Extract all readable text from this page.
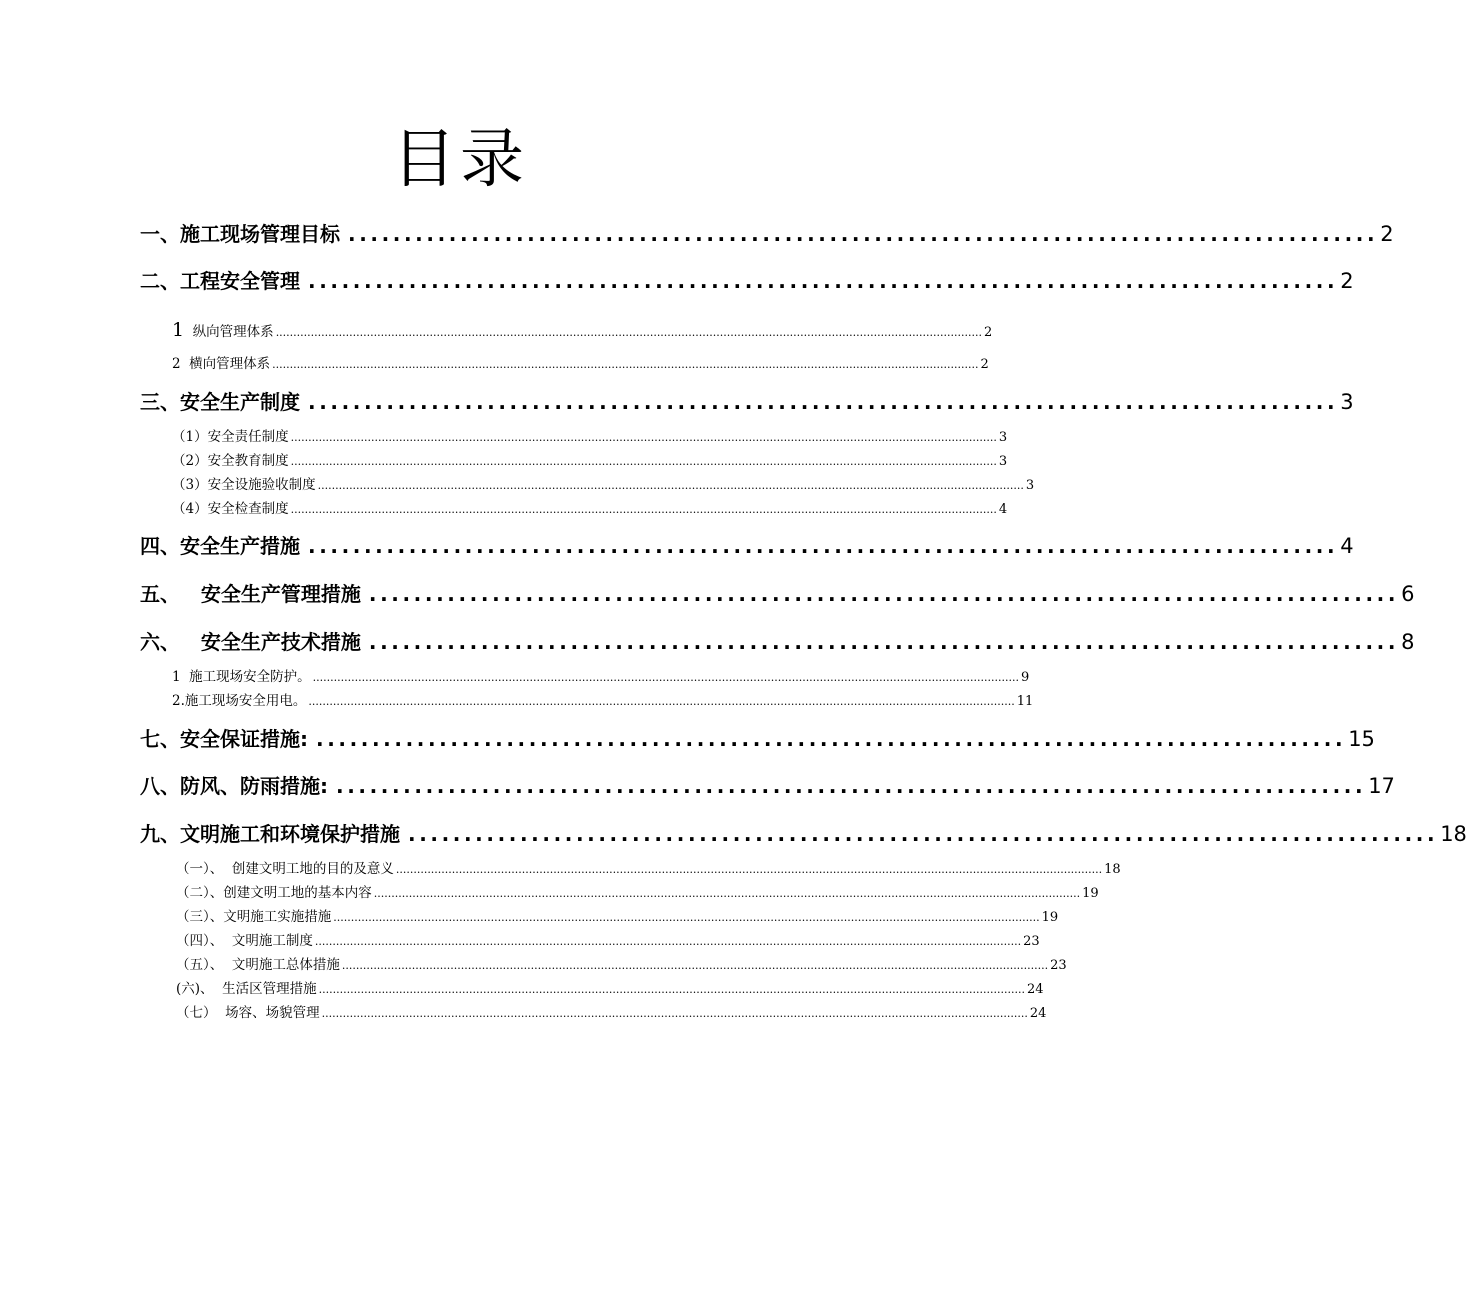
目录
一、施工现场管理目标 ............................................................................................ 2
二、工程安全管理 ............................................................................................ 2
1 纵向管理体系 .......................................................................................................................................................................................................... 2
2  横向管理体系 .......................................................................................................................................................................................................... 2
三、安全生产制度 ............................................................................................ 3
（1）安全责任制度 .......................................................................................................................................................................................................... 3
（2）安全教育制度 .......................................................................................................................................................................................................... 3
（3）安全设施验收制度 .......................................................................................................................................................................................................... 3
（4）安全检查制度 .......................................................................................................................................................................................................... 4
四、安全生产措施 ............................................................................................ 4
五、   安全生产管理措施 ............................................................................................ 6
六、   安全生产技术措施 ............................................................................................ 8
1  施工现场安全防护。 .......................................................................................................................................................................................................... 9
2.施工现场安全用电。 .......................................................................................................................................................................................................... 11
七、安全保证措施: ............................................................................................ 15
八、防风、防雨措施: ............................................................................................ 17
九、文明施工和环境保护措施 ............................................................................................ 18
（一）、  创建文明工地的目的及意义 .......................................................................................................................................................................................................... 18
（二）、创建文明工地的基本内容 .......................................................................................................................................................................................................... 19
（三）、文明施工实施措施 .......................................................................................................................................................................................................... 19
（四）、  文明施工制度 .......................................................................................................................................................................................................... 23
（五）、  文明施工总体措施 .......................................................................................................................................................................................................... 23
(六)、  生活区管理措施 .......................................................................................................................................................................................................... 24
（七）  场容、场貌管理 .......................................................................................................................................................................................................... 24
